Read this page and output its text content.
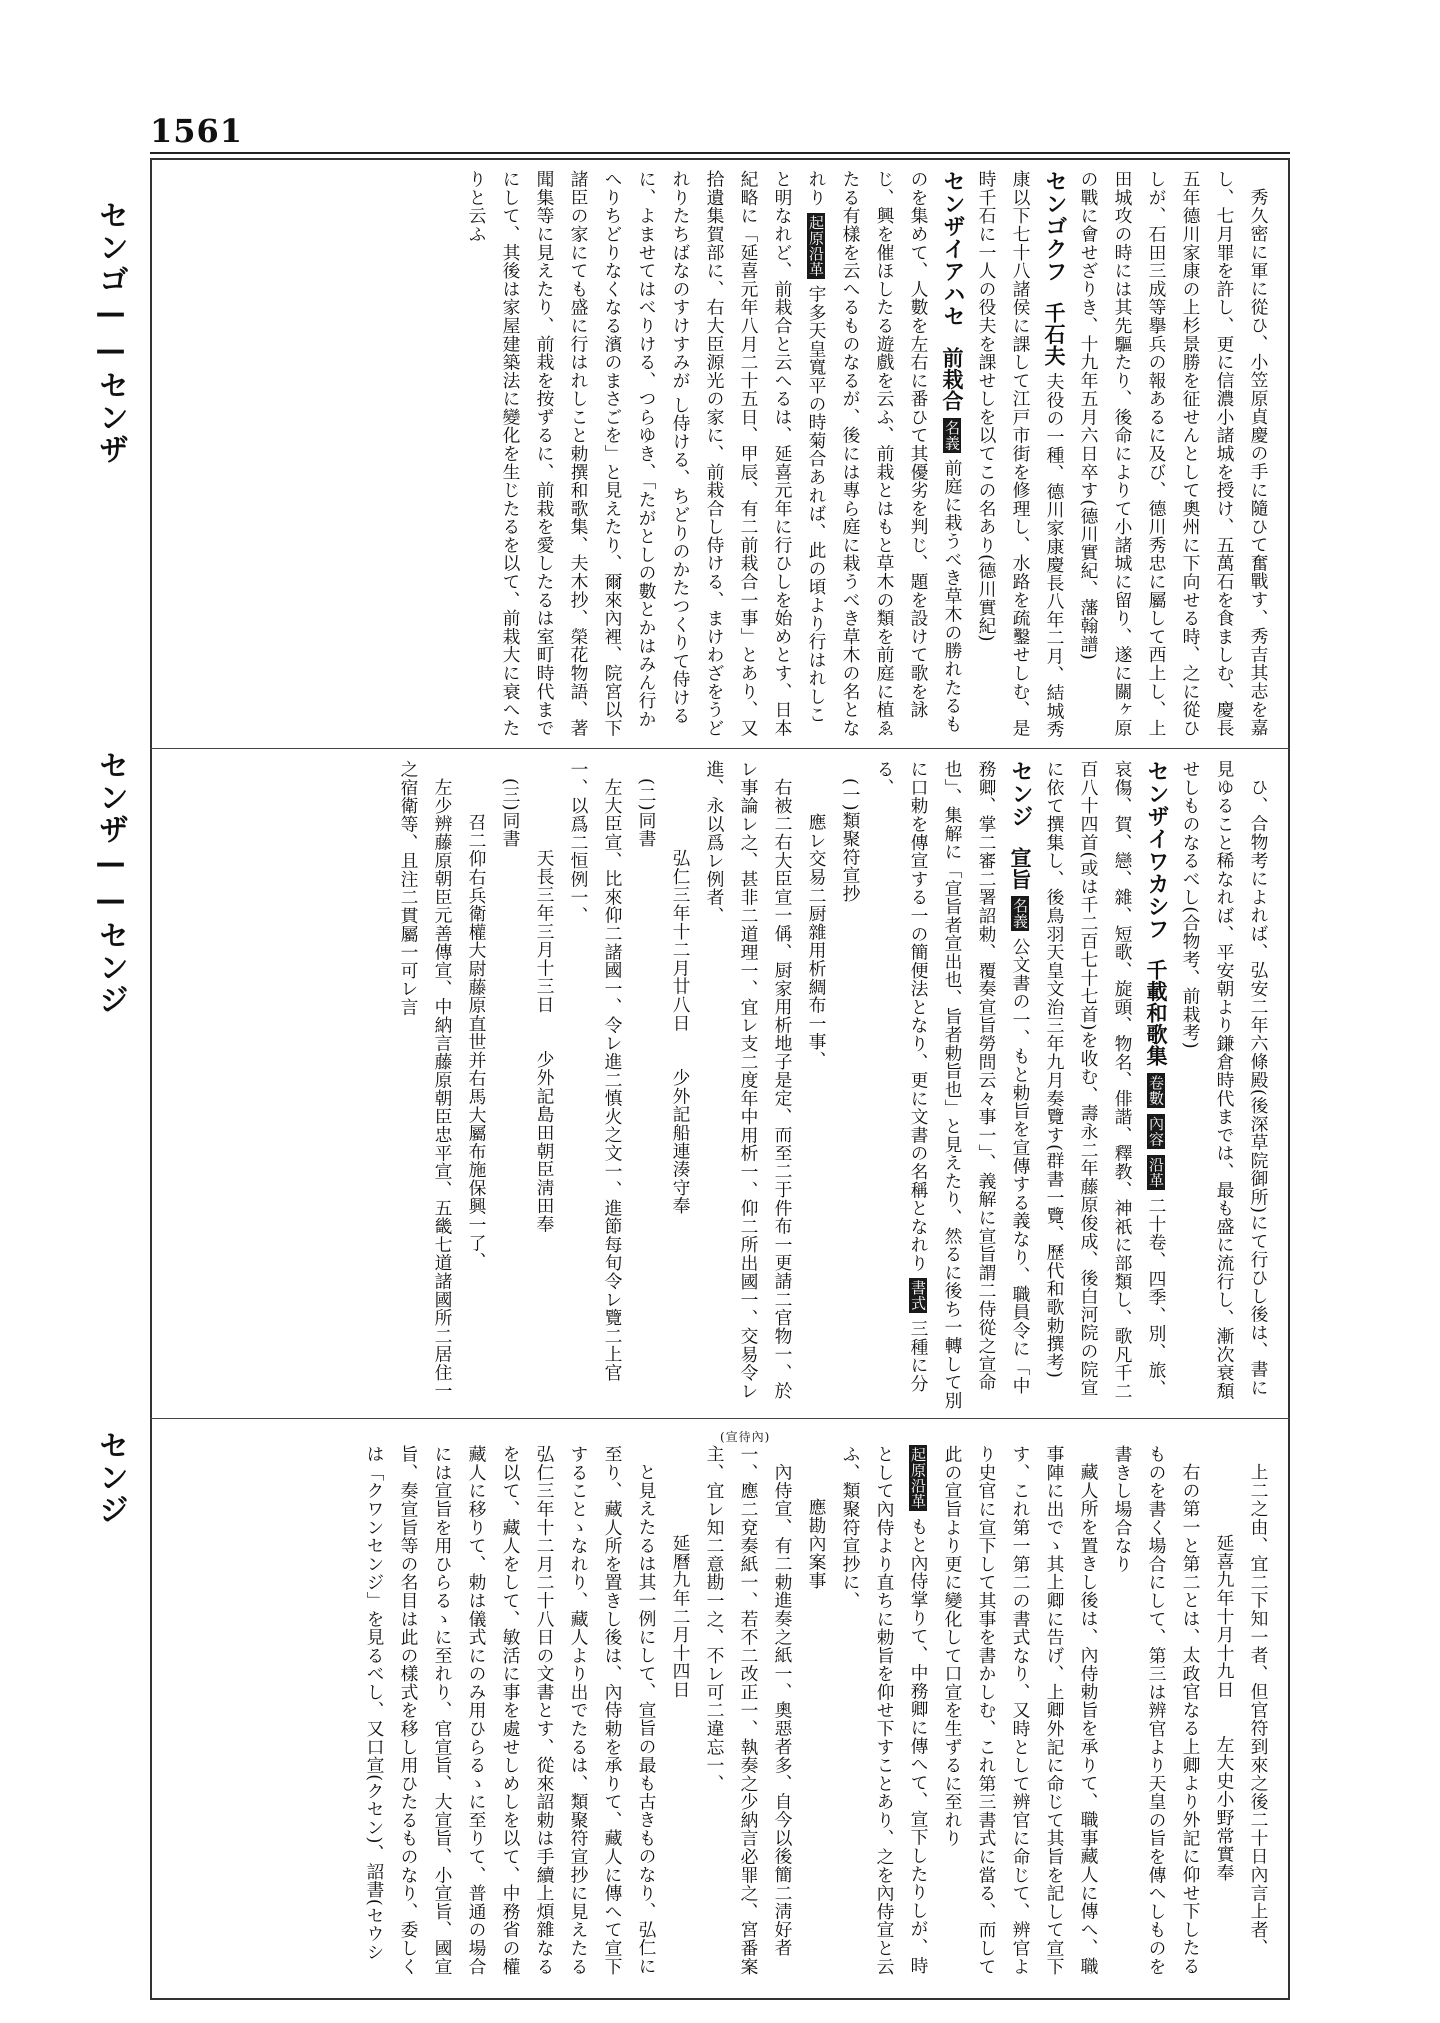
1561
センゴ——センザ
センザ——センジ
センジ

秀久密に軍に從ひ、小笠原貞慶の手に隨ひて奮戰す、秀吉其志を嘉し、七月罪を許し、更に信濃小諸城を授け、五萬石を食ましむ、慶長五年德川家康の上杉景勝を征せんとして奧州に下向せる時、之に從ひしが、石田三成等擧兵の報あるに及び、德川秀忠に屬して西上し、上田城攻の時には其先驅たり、後命によりて小諸城に留り、遂に關ヶ原の戰に會せざりき、十九年五月六日卒す(德川實紀、藩翰譜)

センゴクフ 千石夫 夫役の一種、德川家康慶長八年二月、結城秀康以下七十八諸侯に課して江戸市街を修理し、水路を疏鑿せしむ、是時千石に一人の役夫を課せしを以てこの名あり(德川實紀)
センザイアハセ 前栽合 名義 前庭に栽うべき草木の勝れたるものを集めて、人數を左右に番ひて其優劣を判じ、題を設けて歌を詠じ、興を催ほしたる遊戲を云ふ、前栽とはもと草木の類を前庭に植ゑたる有樣を云へるものなるが、後には專ら庭に栽うべき草木の名となれり 起原沿革 宇多天皇寬平の時菊合あれば、此の頃より行はれしこと明なれど、前栽合と云へるは、延喜元年に行ひしを始めとす、日本紀略に「延喜元年八月二十五日、甲辰、有二前栽合一事」とあり、又拾遺集賀部に、右大臣源光の家に、前栽合し侍ける、まけわざをうどれりたちばなのすけすみが し侍ける、ちどりのかたつくりて侍けるに、よませてはべりける、つらゆき、「たがとしの數とかはみん行かへりちどりなくなる濱のまさごを」と見えたり、爾來內裡、院宮以下諸臣の家にても盛に行はれしこと勅撰和歌集、夫木抄、榮花物語、著聞集等に見えたり、前栽を按ずるに、前栽を愛したるは室町時代までにして、其後は家屋建築法に變化を生じたるを以て、前栽大に衰へたりと云ふ

ひ、合物考によれば、弘安二年六條殿(後深草院御所)にて行ひし後は、書に見ゆること稀なれば、平安朝より鎌倉時代までは、最も盛に流行し、漸次衰頽せしものなるべし(合物考、前栽考)

センザイワカシフ 千載和歌集 卷數 內容 沿革 二十卷、四季、別、旅、哀傷、賀、戀、雜、短歌、旋頭、物名、俳諧、釋教、神祇に部類し、歌凡千二百八十四首(或は千二百七十七首)を收む、壽永二年藤原俊成、後白河院の院宣に依て撰集し、後鳥羽天皇文治三年九月奏覽す(群書一覽、歷代和歌勅撰考)
センジ 宣旨 名義 公文書の一、もと勅旨を宣傳する義なり、職員令に「中務卿、掌二審二署詔勅、覆奏宣旨勞問云々事一」、義解に宣旨謂二侍從之宣命也」、集解に「宣旨者宣出也、旨者勅旨也」と見えたり、然るに後ち一轉して別に口勅を傳宣する一の簡便法となり、更に文書の名稱となれり 書式 三種に分る、

(一)類聚符宣抄

應レ交易二厨雜用析綢布一事、

右被二右大臣宣一偁、厨家用析地子是定、而至二于件布一更請二官物一、於レ事論レ之、甚非二道理一、宜レ支二度年中用析一、仰二所出國一、交易令レ進、永以爲レ例者、

弘仁三年十二月廿八日　　少外記船連湊守奉

(二)同書

左大臣宣、比來仰二諸國一、令レ進二慎火之文一、進節每旬令レ覽二上官一、以爲二恒例一、

天長三年三月十三日　　少外記島田朝臣淸田奉

(三)同書

召二仰右兵衛權大尉藤原直世并右馬大屬布施保興一了、

左少辨藤原朝臣元善傳宣、中納言藤原朝臣忠平宣、五畿七道諸國所二居住一之宿衛等、且注二貫屬一可レ言

(宣待內)

上二之由、宜二下知一者、但官符到來之後二十日內言上者、

延喜九年十月十九日　　左大史小野常實奉

右の第一と第二とは、太政官なる上卿より外記に仰せ下したるものを書く場合にして、第三は辨官より天皇の旨を傳へしものを書きし場合なり

藏人所を置きし後は、內侍勅旨を承りて、職事藏人に傳へ、職事陣に出でゝ其上卿に告げ、上卿外記に命じて其旨を記して宣下す、これ第一第二の書式なり、又時として辨官に命じて、辨官より史官に宣下して其事を書かしむ、これ第三書式に當る、而して此の宣旨より更に變化して口宣を生ずるに至れり

起原沿革 もと內侍掌りて、中務卿に傳へて、宣下したりしが、時として內侍より直ちに勅旨を仰せ下すことあり、之を內侍宣と云ふ、類聚符宣抄に、

應勘內案事

內侍宣、有二勅進奏之紙一、奧惡者多、自今以後簡二淸好者一、應二兗奏紙一、若不二改正一、執奏之少納言必罪之、宮番案主、宜レ知二意勘一之、不レ可二違忘一、

延曆九年二月十四日

と見えたるは其一例にして、宣旨の最も古きものなり、弘仁に至り、藏人所を置きし後は、內侍勅を承りて、藏人に傳へて宣下することゝなれり、藏人より出でたるは、類聚符宣抄に見えたる弘仁三年十二月二十八日の文書とす、從來詔勅は手續上煩雜なるを以て、藏人をして、敏活に事を處せしめしを以て、中務省の權藏人に移りて、勅は儀式にのみ用ひらるゝに至りて、普通の場合には宣旨を用ひらるゝに至れり、官宣旨、大宣旨、小宣旨、國宣旨、奏宣旨等の名目は此の樣式を移し用ひたるものなり、委しくは「クワンセンジ」を見るべし、又口宣(クセン)、詔書(セウシ
